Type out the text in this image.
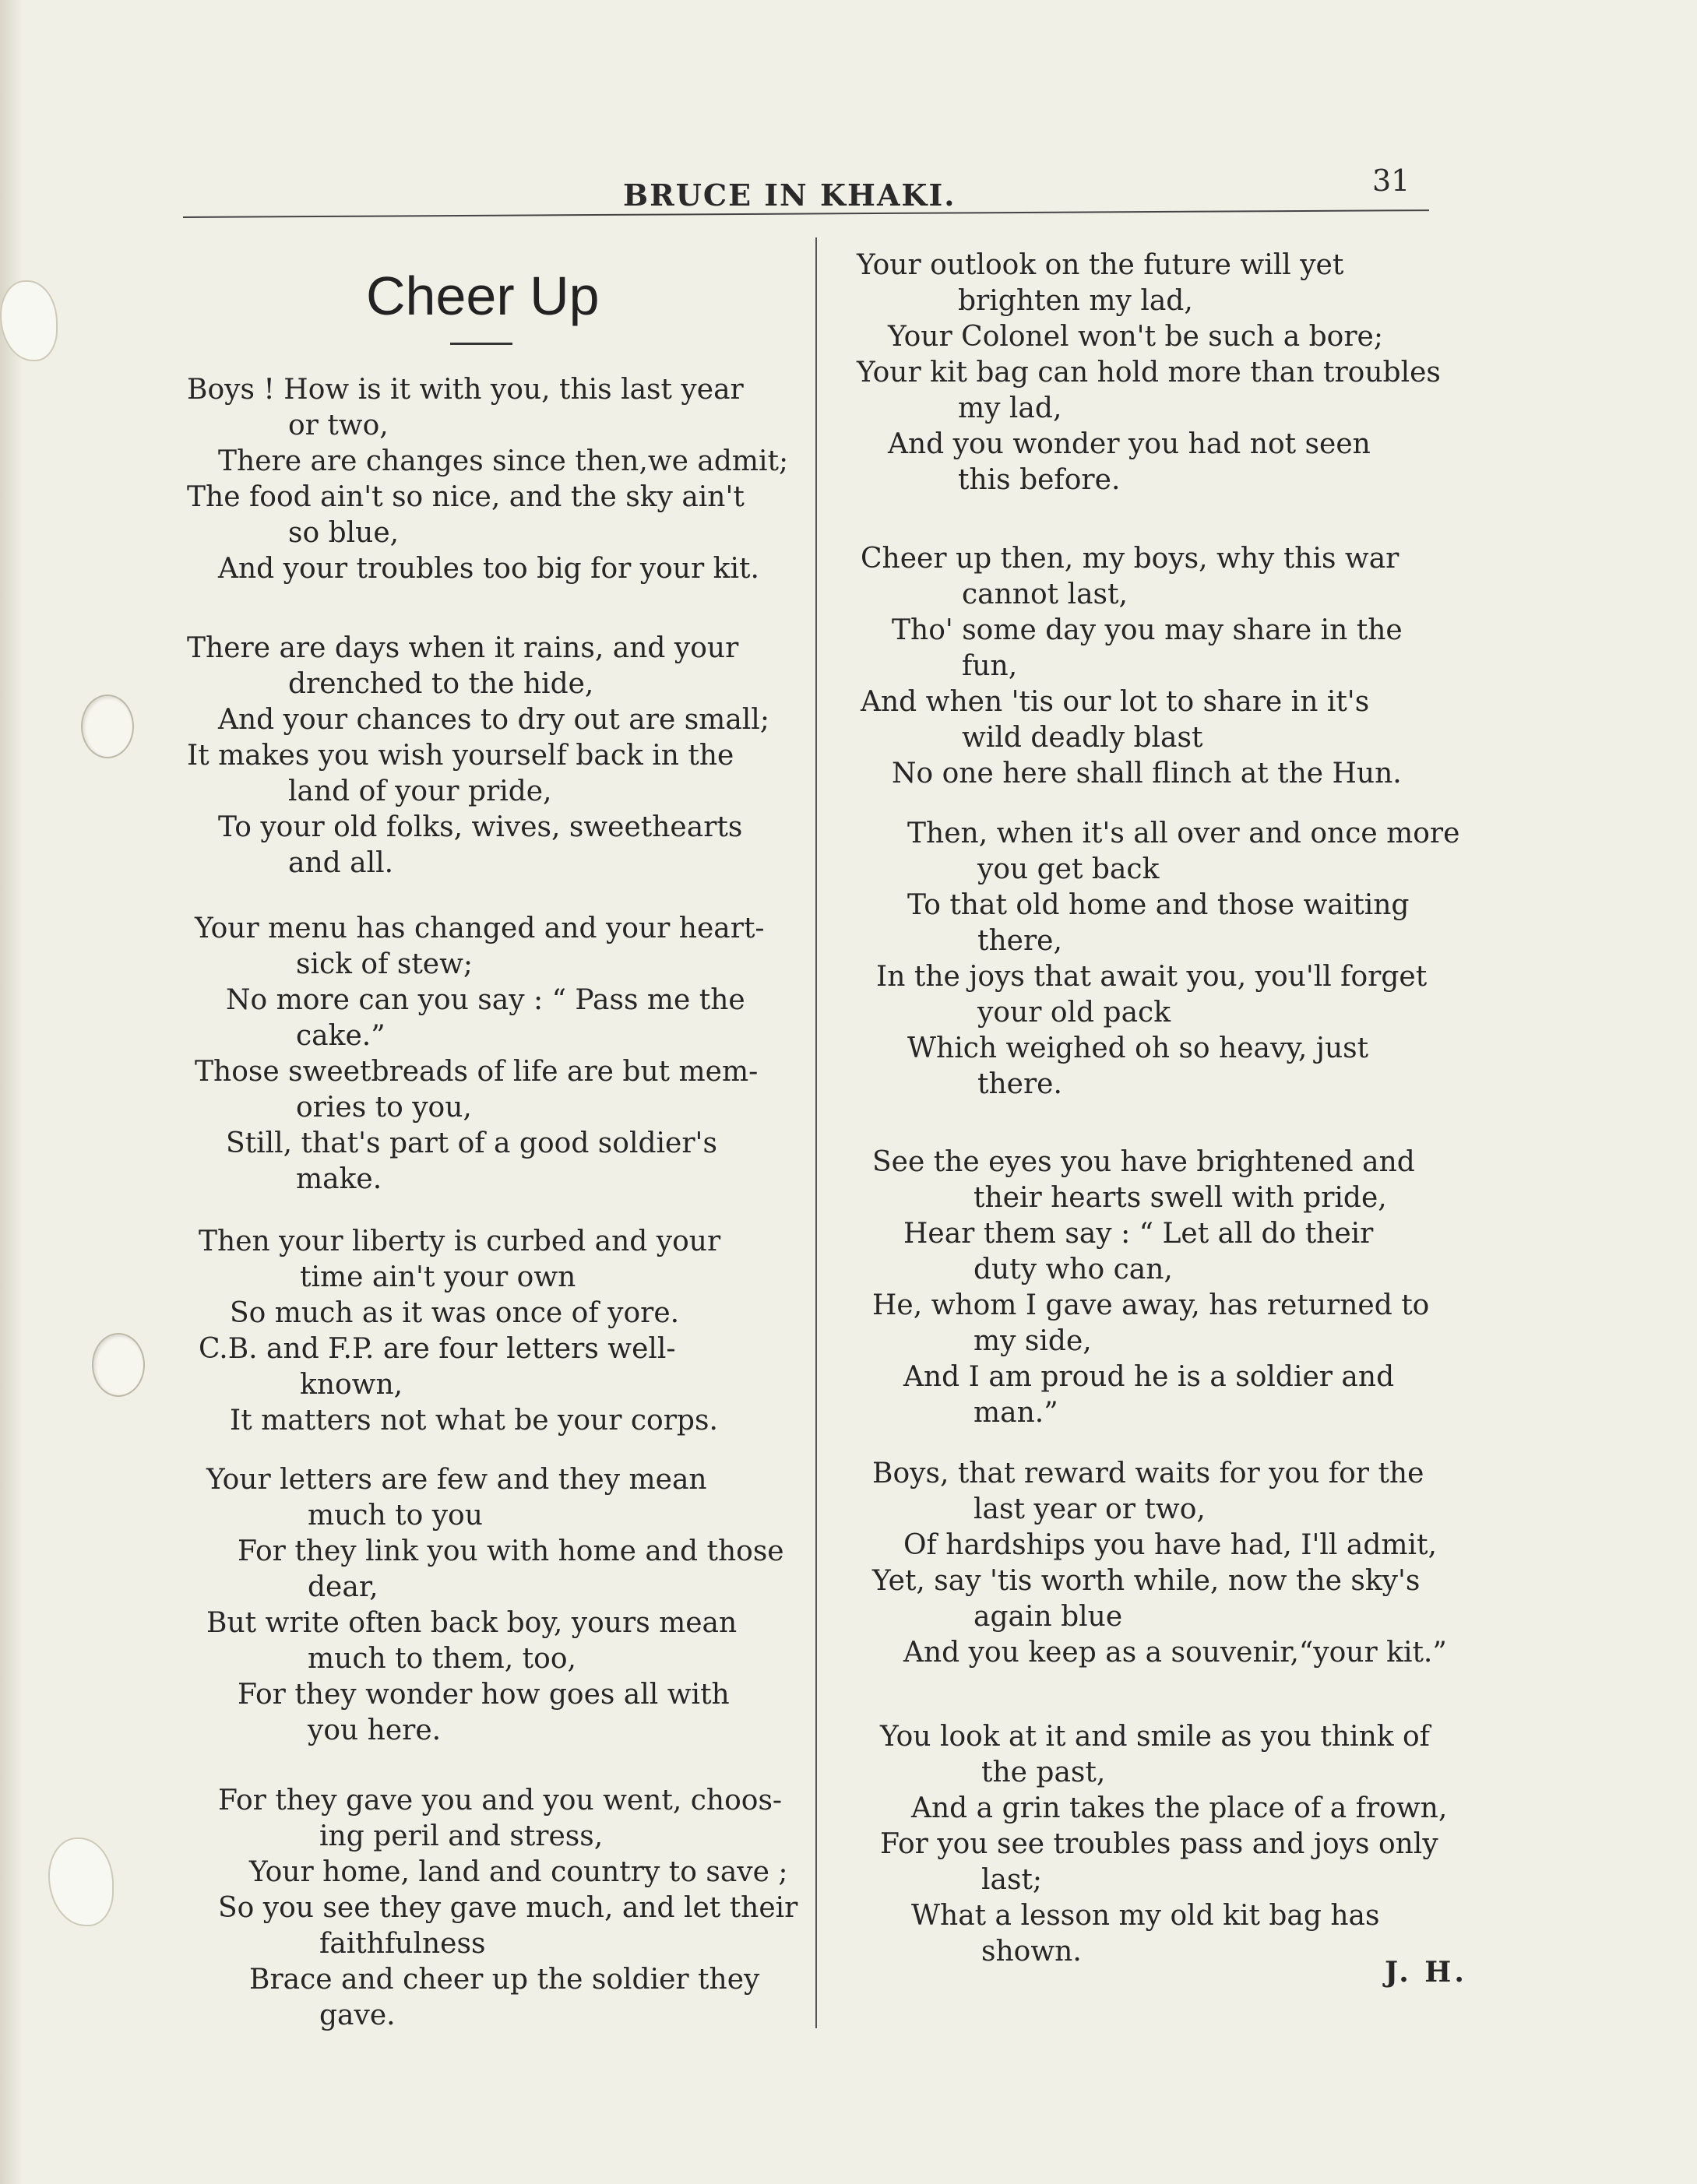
BRUCE IN KHAKI.	31
Cheer Up
Boys ! How is it with you, this last year
or two,
There are changes since then,we admit;
The food ain't so nice, and the sky ain't
so blue,
And your troubles too big for your kit.
There are days when it rains, and your
drenched to the hide,
And your chances to dry out are small;
It makes you wish yourself back in the
land of your pride,
To your old folks, wives, sweethearts
and all.
Your menu has changed and your heart-
sick of stew;
No more can you say : “ Pass me the
cake.”
Those sweetbreads of life are but mem-
ories to you,
Still, that's part of a good soldier's
make.
Then your liberty is curbed and your
time ain't your own
So much as it was once of yore.
C.B. and F.P. are four letters well-
known,
It matters not what be your corps.
Your letters are few and they mean
much to you
For they link you with home and those
dear,
But write often back boy, yours mean
much to them, too,
For they wonder how goes all with
you here.
For they gave you and you went, choos-
ing peril and stress,
Your home, land and country to save ;
So you see they gave much, and let their
faithfulness
Brace and cheer up the soldier they
gave.
Your outlook on the future will yet
brighten my lad,
Your Colonel won't be such a bore;
Your kit bag can hold more than troubles
my lad,
And you wonder you had not seen
this before.
Cheer up then, my boys, why this war
cannot last,
Tho' some day you may share in the
fun,
And when 'tis our lot to share in it's
wild deadly blast
No one here shall flinch at the Hun.
Then, when it's all over and once more
you get back
To that old home and those waiting
there,
In the joys that await you, you'll forget
your old pack
Which weighed oh so heavy, just
there.
See the eyes you have brightened and
their hearts swell with pride,
Hear them say : “ Let all do their
duty who can,
He, whom I gave away, has returned to
my side,
And I am proud he is a soldier and
man.”
Boys, that reward waits for you for the
last year or two,
Of hardships you have had, I'll admit,
Yet, say 'tis worth while, now the sky's
again blue
And you keep as a souvenir,“your kit.”
You look at it and smile as you think of
the past,
And a grin takes the place of a frown,
For you see troubles pass and joys only
last;
What a lesson my old kit bag has
shown.
J. H.
